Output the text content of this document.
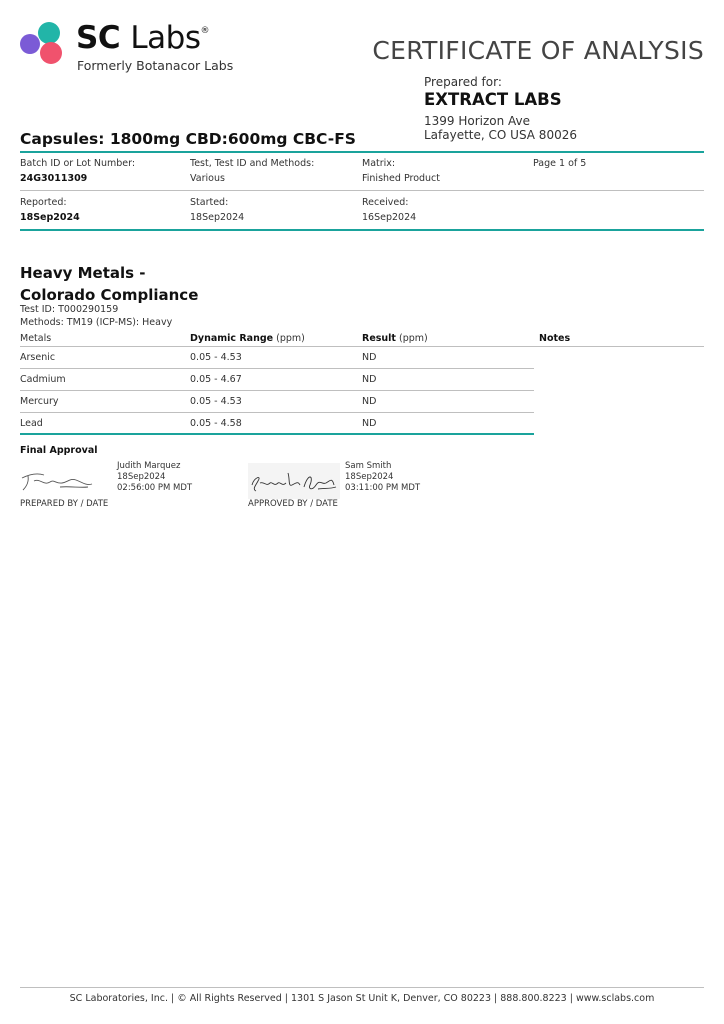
SC Labs®
Formerly Botanacor Labs
CERTIFICATE OF ANALYSIS
Prepared for:
EXTRACT LABS
1399 Horizon Ave
Lafayette, CO USA 80026
Capsules: 1800mg CBD:600mg CBC-FS
Batch ID or Lot Number:
24G3011309
Test, Test ID and Methods:
Various
Matrix:
Finished Product
Page 1 of 5
Reported:
18Sep2024
Started:
18Sep2024
Received:
16Sep2024
Heavy Metals -
Colorado Compliance
Test ID: T000290159
Methods: TM19 (ICP-MS): Heavy
Metals	Dynamic Range (ppm)	Result (ppm)	Notes
Arsenic	0.05 - 4.53	ND
Cadmium	0.05 - 4.67	ND
Mercury	0.05 - 4.53	ND
Lead	0.05 - 4.58	ND
Final Approval
Judith Marquez
18Sep2024
02:56:00 PM MDT
PREPARED BY / DATE
Sam Smith
18Sep2024
03:11:00 PM MDT
APPROVED BY / DATE
SC Laboratories, Inc. | © All Rights Reserved | 1301 S Jason St Unit K, Denver, CO 80223 | 888.800.8223 | www.sclabs.com
